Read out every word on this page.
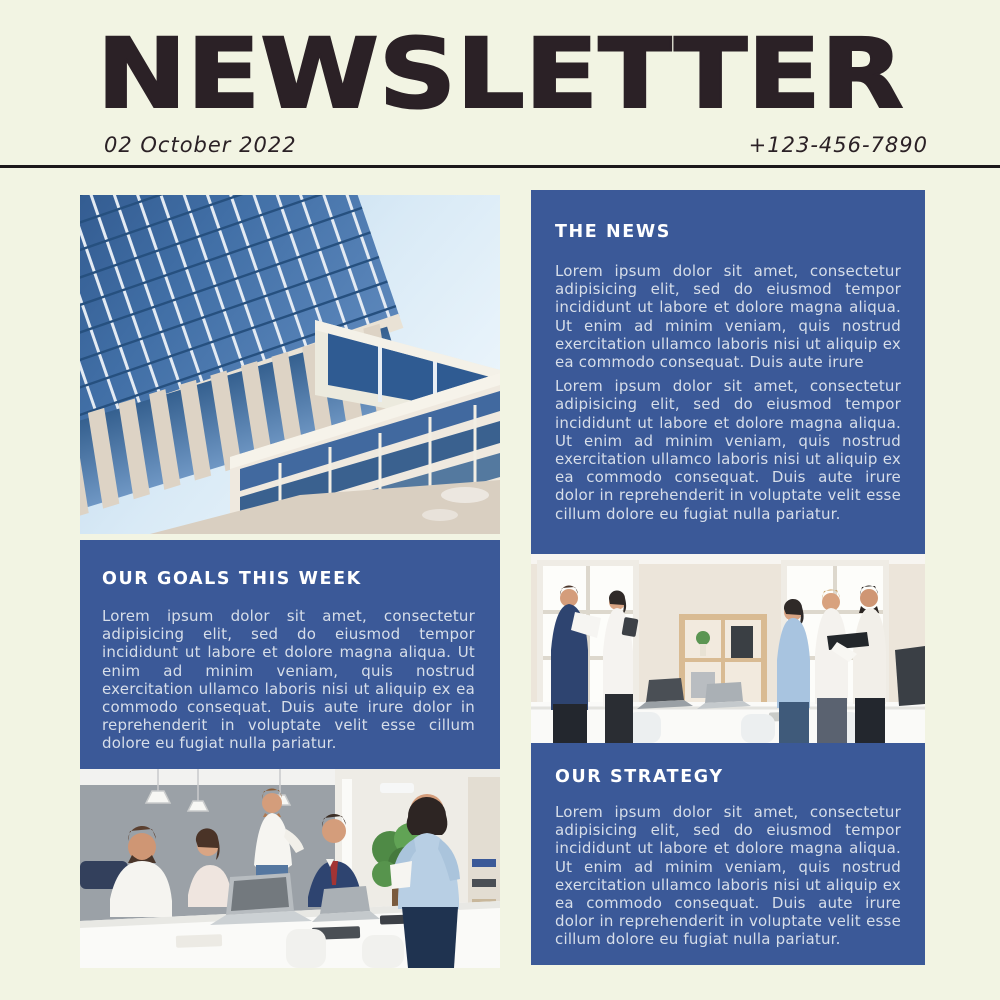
NEWSLETTER
02 October 2022	+123-456-7890
OUR GOALS THIS WEEK

Lorem ipsum dolor sit amet, consectetur adipisicing elit, sed do eiusmod tempor incididunt ut labore et dolore magna aliqua. Ut enim ad minim veniam, quis nostrud exercitation ullamco laboris nisi ut aliquip ex ea commodo consequat. Duis aute irure dolor in reprehenderit in voluptate velit esse cillum dolore eu fugiat nulla pariatur.

THE NEWS

Lorem ipsum dolor sit amet, consectetur adipisicing elit, sed do eiusmod tempor incididunt ut labore et dolore magna aliqua. Ut enim ad minim veniam, quis nostrud exercitation ullamco laboris nisi ut aliquip ex ea commodo consequat. Duis aute irure

Lorem ipsum dolor sit amet, consectetur adipisicing elit, sed do eiusmod tempor incididunt ut labore et dolore magna aliqua. Ut enim ad minim veniam, quis nostrud exercitation ullamco laboris nisi ut aliquip ex ea commodo consequat. Duis aute irure dolor in reprehenderit in voluptate velit esse cillum dolore eu fugiat nulla pariatur.

OUR STRATEGY

Lorem ipsum dolor sit amet, consectetur adipisicing elit, sed do eiusmod tempor incididunt ut labore et dolore magna aliqua. Ut enim ad minim veniam, quis nostrud exercitation ullamco laboris nisi ut aliquip ex ea commodo consequat. Duis aute irure dolor in reprehenderit in voluptate velit esse cillum dolore eu fugiat nulla pariatur.
